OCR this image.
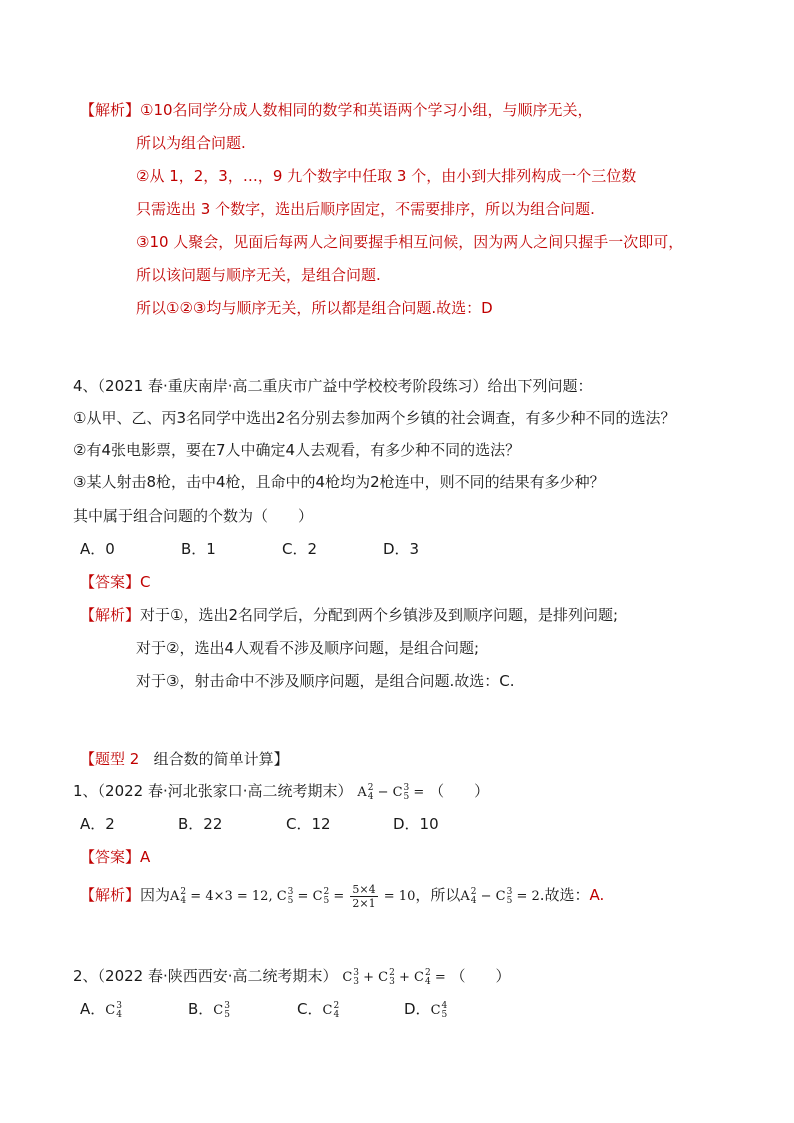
【解析】①10名同学分成人数相同的数学和英语两个学习小组，与顺序无关，
所以为组合问题.
②从 1，2，3，…，9 九个数字中任取 3 个，由小到大排列构成一个三位数
只需选出 3 个数字，选出后顺序固定，不需要排序，所以为组合问题.
③10 人聚会，见面后每两人之间要握手相互问候，因为两人之间只握手一次即可，
所以该问题与顺序无关，是组合问题.
所以①②③均与顺序无关，所以都是组合问题.故选：D
4、（2021 春·重庆南岸·高二重庆市广益中学校校考阶段练习）给出下列问题：
①从甲、乙、丙3名同学中选出2名分别去参加两个乡镇的社会调查，有多少种不同的选法？
②有4张电影票，要在7人中确定4人去观看，有多少种不同的选法？
③某人射击8枪，击中4枪，且命中的4枪均为2枪连中，则不同的结果有多少种？
其中属于组合问题的个数为（　　）
A．0	B．1	C．2	D．3
【答案】C
【解析】对于①，选出2名同学后，分配到两个乡镇涉及到顺序问题，是排列问题;
对于②，选出4人观看不涉及顺序问题，是组合问题;
对于③，射击命中不涉及顺序问题，是组合问题.故选：C.
【题型 2 组合数的简单计算】
1、（2022 春·河北张家口·高二统考期末） A 2
4 − C 3
5 = （　　）
A．2	B．22	C．12	D．10
【答案】A
【解析】因为A 2
4 = 4×3 = 12, C 3
5 = C 2
$5 = \frac{5\times 4}{2\times 1} = 10$，所以A 2
4 − C 3
5 = 2.故选：A.
2、（2022 春·陕西西安·高二统考期末） C 3
3 + C 2
3 + C 2
4 = （　　）
A．C 3
4	B．C 3
5	C．C 2
4	D．C 4
5
